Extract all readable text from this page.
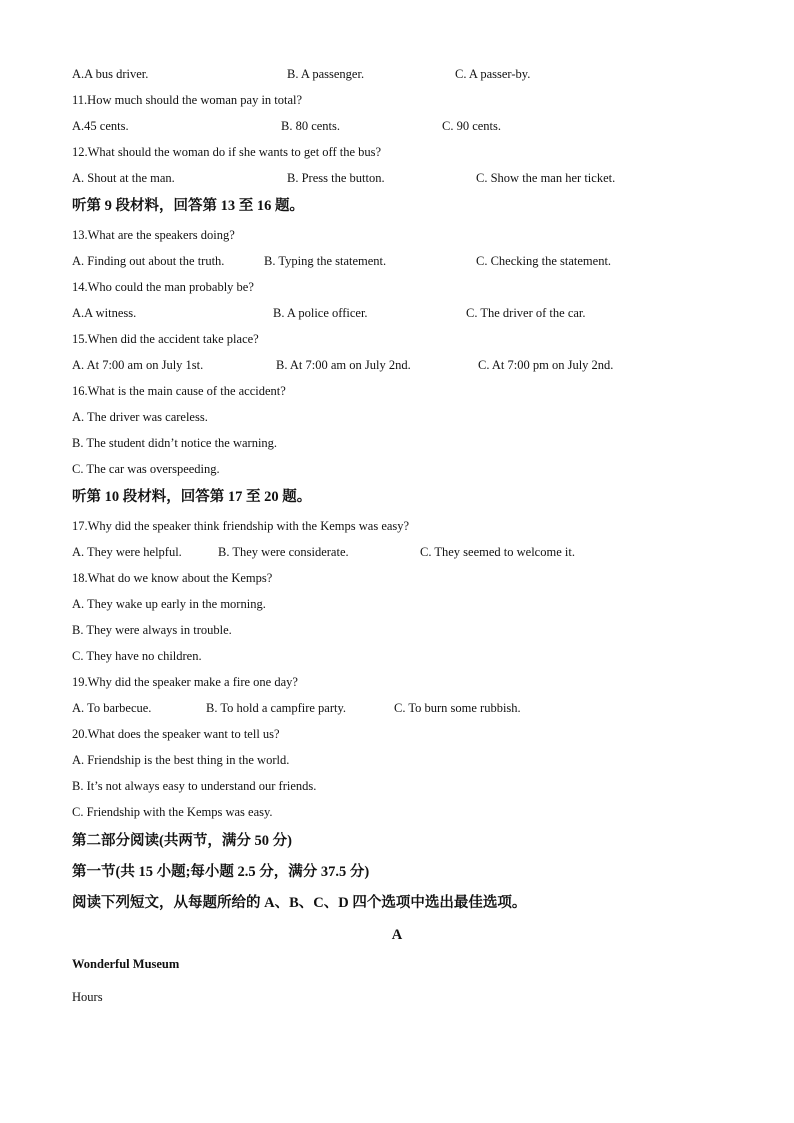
A.A bus driver.	B. A passenger.	C. A passer-by.
11.How much should the woman pay in total?
A.45 cents.	B. 80 cents.	C. 90 cents.
12.What should the woman do if she wants to get off the bus?
A. Shout at the man.	B. Press the button.	C. Show the man her ticket.
听第 9 段材料，回答第 13 至 16 题。
13.What are the speakers doing?
A. Finding out about the truth.	B. Typing the statement.	C. Checking the statement.
14.Who could the man probably be?
A.A witness.	B. A police officer.	C. The driver of the car.
15.When did the accident take place?
A. At 7:00 am on July 1st.	B. At 7:00 am on July 2nd.	C. At 7:00 pm on July 2nd.
16.What is the main cause of the accident?
A. The driver was careless.
B. The student didn’t notice the warning.
C. The car was overspeeding.
听第 10 段材料，回答第 17 至 20 题。
17.Why did the speaker think friendship with the Kemps was easy?
A. They were helpful.	B. They were considerate.	C. They seemed to welcome it.
18.What do we know about the Kemps?
A. They wake up early in the morning.
B. They were always in trouble.
C. They have no children.
19.Why did the speaker make a fire one day?
A. To barbecue.	B. To hold a campfire party.	C. To burn some rubbish.
20.What does the speaker want to tell us?
A. Friendship is the best thing in the world.
B. It’s not always easy to understand our friends.
C. Friendship with the Kemps was easy.
第二部分阅读(共两节，满分 50 分)
第一节(共 15 小题;每小题 2.5 分，满分 37.5 分)
阅读下列短文，从每题所给的 A、B、C、D 四个选项中选出最佳选项。
A
Wonderful Museum
Hours
